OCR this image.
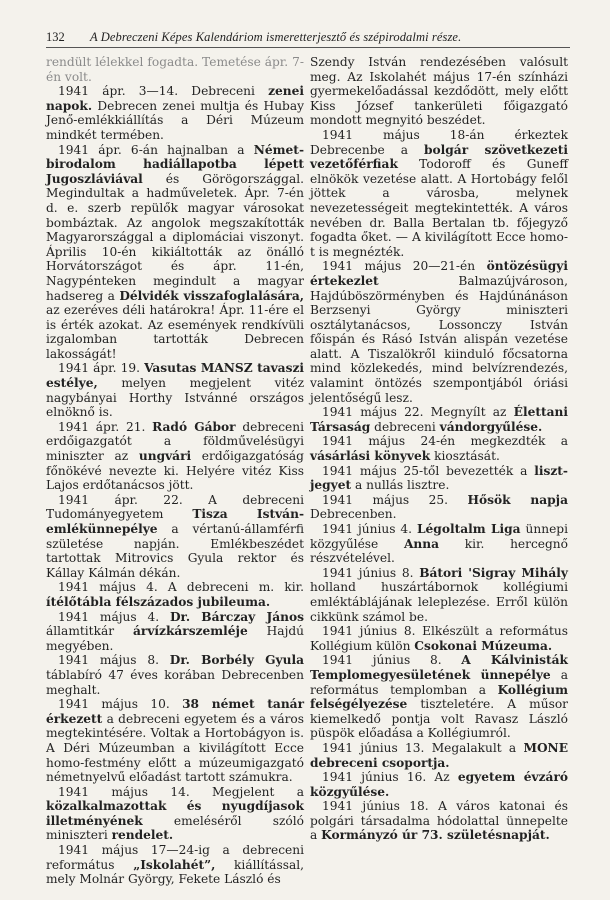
132 A Debreczeni Képes Kalendáriom ismeretterjesztő és szépirodalmi része.

rendült lélekkel fogadta. Temetése ápr. 7-én volt.

1941 ápr. 3—14. Debreceni zenei napok. Debrecen zenei multja és Hubay Jenő-emlékkiállítás a Déri Múzeum mindkét termében.

1941 ápr. 6-án hajnalban a Német-birodalom hadiállapotba lépett Jugoszláviával és Görögországgal. Megindultak a hadműveletek. Ápr. 7-én d. e. szerb repülők magyar városokat bombáztak. Az angolok megszakították Magyarországgal a diplomáciai viszonyt. Április 10-én kikiáltották az önálló Horvátországot és ápr. 11-én, Nagypénteken megindult a magyar hadsereg a Délvidék visszafoglalására, az ezeréves déli határokra! Ápr. 11-ére el is érték azokat. Az események rendkívüli izgalomban tartották Debrecen lakosságát!

1941 ápr. 19. Vasutas MANSZ tavaszi estélye, melyen megjelent vitéz nagybányai Horthy Istvánné országos elnöknő is.

1941 ápr. 21. Radó Gábor debreceni erdőigazgatót a földművelésügyi miniszter az ungvári erdőigazgatóság főnökévé nevezte ki. Helyére vitéz Kiss Lajos erdőtanácsos jött.

1941 ápr. 22. A debreceni Tudományegyetem Tisza István-emlékünnepélye a vértanú-államférfi születése napján. Emlékbeszédet tartottak Mitrovics Gyula rektor és Kállay Kálmán dékán.

1941 május 4. A debreceni m. kir. ítélőtábla félszázados jubileuma.

1941 május 4. Dr. Bárczay János államtitkár árvízkárszemléje Hajdú megyében.

1941 május 8. Dr. Borbély Gyula táblabíró 47 éves korában Debrecenben meghalt.

1941 május 10. 38 német tanár érkezett a debreceni egyetem és a város megtekintésére. Voltak a Hortobágyon is. A Déri Múzeumban a kivilágított Ecce homo-festmény előtt a múzeumigazgató németnyelvű előadást tartott számukra.

1941 május 14. Megjelent a közalkalmazottak és nyugdíjasok illetményének emeléséről szóló miniszteri rendelet.

1941 május 17—24-ig a debreceni református „Iskolahét”, kiállítással, mely Molnár György, Fekete László és

Szendy István rendezésében valósult meg. Az Iskolahét május 17-én színházi gyermekelőadással kezdődött, mely előtt Kiss József tankerületi főigazgató mondott megnyitó beszédet.

1941 május 18-án érkeztek Debrecenbe a bolgár szövetkezeti vezetőférfiak Todoroff és Guneff elnökök vezetése alatt. A Hortobágy felől jöttek a városba, melynek nevezetességeit megtekintették. A város nevében dr. Balla Bertalan tb. főjegyző fogadta őket. — A kivilágított Ecce homo-t is megnézték.

1941 május 20—21-én öntözésügyi értekezlet Balmazújvároson, Hajdúböszörményben és Hajdúnánáson Berzsenyi György miniszteri osztálytanácsos, Lossonczy István főispán és Rásó István alispán vezetése alatt. A Tiszalökről kiinduló főcsatorna mind közlekedés, mind belvízrendezés, valamint öntözés szempontjából óriási jelentőségű lesz.

1941 május 22. Megnyílt az Élettani Társaság debreceni vándorgyűlése.

1941 május 24-én megkezdték a vásárlási könyvek kiosztását.

1941 május 25-től bevezették a liszt-jegyet a nullás lisztre.

1941 május 25. Hősök napja Debrecenben.

1941 június 4. Légoltalm Liga ünnepi közgyűlése Anna kir. hercegnő részvételével.

1941 június 8. Bátori 'Sigray Mihály holland huszártábornok kollégiumi emléktáblájának leleplezése. Erről külön cikkünk számol be.

1941 június 8. Elkészült a református Kollégium külön Csokonai Múzeuma.

1941 június 8. A Kálvinisták Templomegyesületének ünnepélye a református templomban a Kollégium felségélyezése tiszteletére. A műsor kiemelkedő pontja volt Ravasz László püspök előadása a Kollégiumról.

1941 június 13. Megalakult a MONE debreceni csoportja.

1941 június 16. Az egyetem évzáró közgyűlése.

1941 június 18. A város katonai és polgári társadalma hódolattal ünnepelte a Kormányzó úr 73. születésnapját.
